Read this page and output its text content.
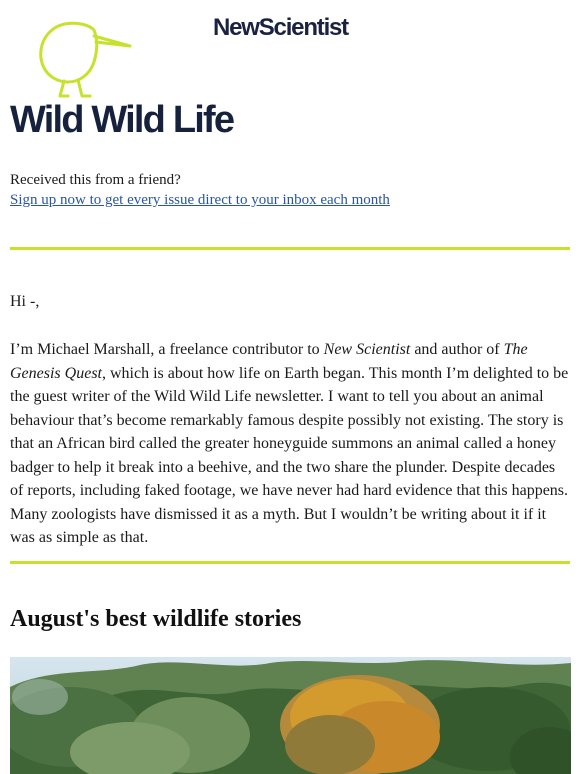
NewScientist
Wild Wild Life
Received this from a friend?
Sign up now to get every issue direct to your inbox each month

Hi -,

I’m Michael Marshall, a freelance contributor to New Scientist and author of The Genesis Quest, which is about how life on Earth began. This month I’m delighted to be the guest writer of the Wild Wild Life newsletter. I want to tell you about an animal behaviour that’s become remarkably famous despite possibly not existing. The story is that an African bird called the greater honeyguide summons an animal called a honey badger to help it break into a beehive, and the two share the plunder. Despite decades of reports, including faked footage, we have never had hard evidence that this happens. Many zoologists have dismissed it as a myth. But I wouldn’t be writing about it if it was as simple as that.

August's best wildlife stories
